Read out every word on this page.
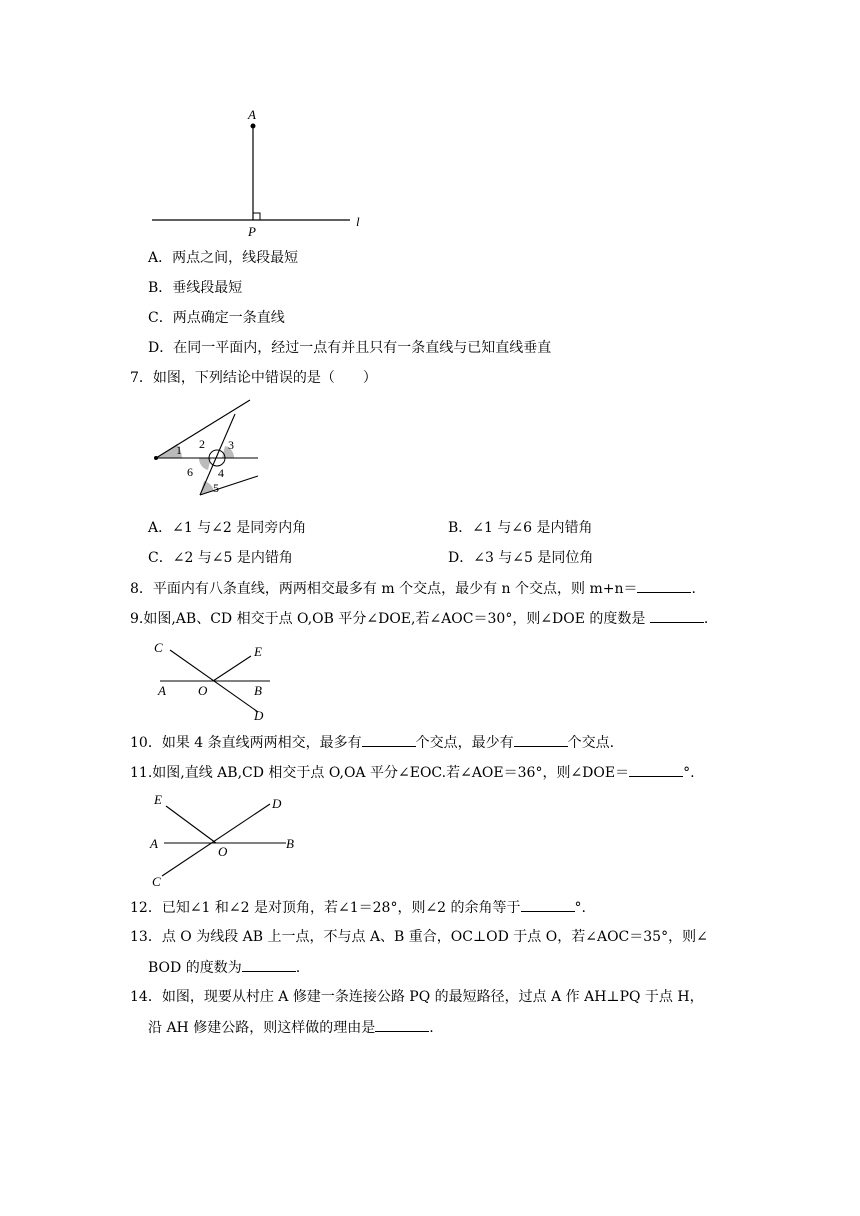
A
P
l
A．两点之间，线段最短
B．垂线段最短
C．两点确定一条直线
D．在同一平面内，经过一点有并且只有一条直线与已知直线垂直
7．如图，下列结论中错误的是（　　）
1 2 3
4
5
6
A．∠1 与∠2 是同旁内角	B．∠1 与∠6 是内错角
C．∠2 与∠5 是内错角	D．∠3 与∠5 是同位角
8．平面内有八条直线，两两相交最多有 m 个交点，最少有 n 个交点，则 m+n＝	.
9.如图,AB、CD 相交于点 O,OB 平分∠DOE,若∠AOC＝30°，则∠DOE 的度数是	.
C	E
A O	B
D
10．如果 4 条直线两两相交，最多有	个交点，最少有	个交点.
11.如图,直线 AB,CD 相交于点 O,OA 平分∠EOC.若∠AOE＝36°，则∠DOE＝	°.
E	D
A
O
B
C
12．已知∠1 和∠2 是对顶角，若∠1＝28°，则∠2 的余角等于	°.
13．点 O 为线段 AB 上一点，不与点 A、B 重合，OC⊥OD 于点 O，若∠AOC＝35°，则∠
BOD 的度数为	.
14．如图，现要从村庄 A 修建一条连接公路 PQ 的最短路径，过点 A 作 AH⊥PQ 于点 H，
沿 AH 修建公路，则这样做的理由是	.
